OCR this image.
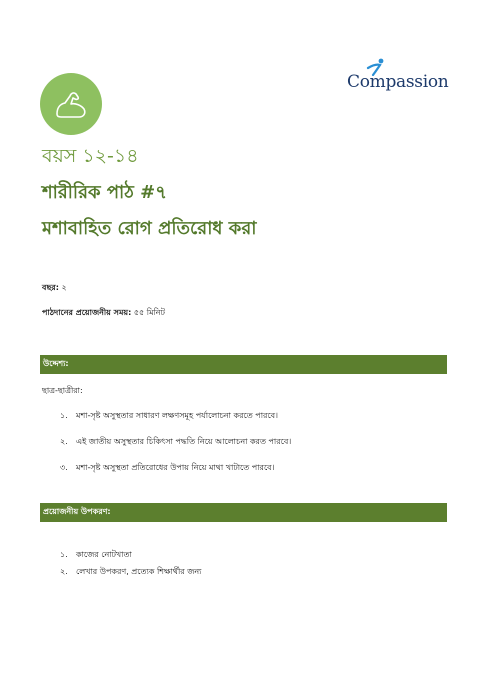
Compassion
বয়স ১২-১৪
শারীরিক পাঠ #৭
মশাবাহিত রোগ প্রতিরোধ করা
বছর: ২
পাঠদানের প্রয়োজনীয় সময়: ৫৫ মিনিট
উদ্দেশ্য:
ছাত্র-ছাত্রীরা:
১. মশা-সৃষ্ট অসুস্থতার সাধারণ লক্ষণসমূহ পর্যালোচনা করতে পারবে।
২. এই জাতীয় অসুস্থতার চিকিৎসা পদ্ধতি নিয়ে আলোচনা করত পারবে।
৩. মশা-সৃষ্ট অসুস্থতা প্রতিরোধের উপায় নিয়ে মাথা খাটাতে পারবে।
প্রয়োজনীয় উপকরণ:
১. কাজের নোটখাতা
২. লেখার উপকরণ, প্রত্যেক শিক্ষার্থীর জন্য
